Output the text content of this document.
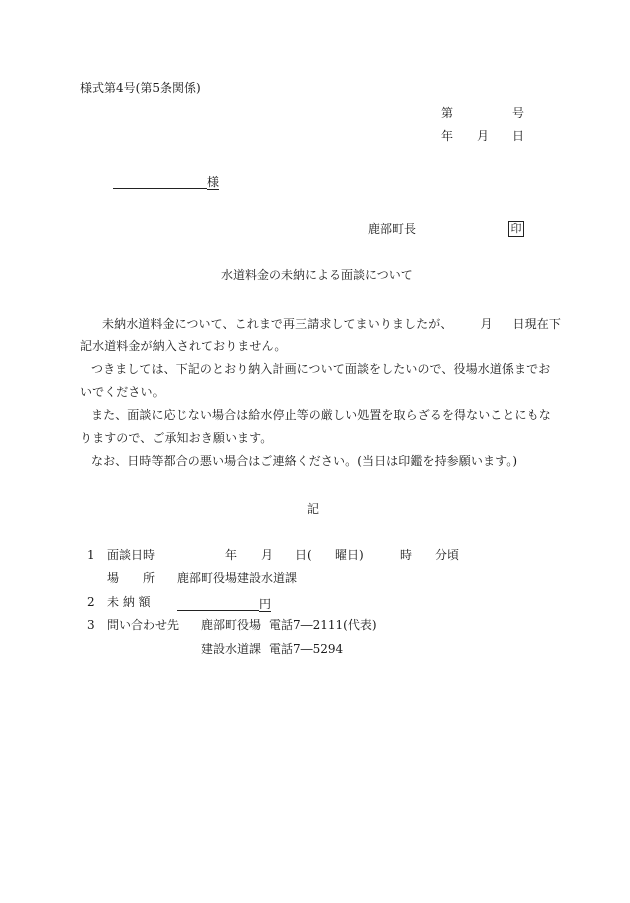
様式第4号(第5条関係)
第	号
年 月 日
様
鹿部町長	印
水道料金の未納による面談について
未納水道料金について、これまで再三請求してまいりましたが、 月 日現在下
記水道料金が納入されておりません。
つきましては、下記のとおり納入計画について面談をしたいので、役場水道係までお
いでください。
また、面談に応じない場合は給水停止等の厳しい処置を取らざるを得ないことにもな
りますので、ご承知おき願います。
なお、日時等都合の悪い場合はご連絡ください。(当日は印鑑を持参願います。)
記
1 面談日時	年 月 日( 曜日)	時 分頃
場 所 鹿部町役場建設水道課
2 未 納 額	円
3 問い合わせ先 鹿部町役場 電話7―2111(代表)
建設水道課 電話7―5294
